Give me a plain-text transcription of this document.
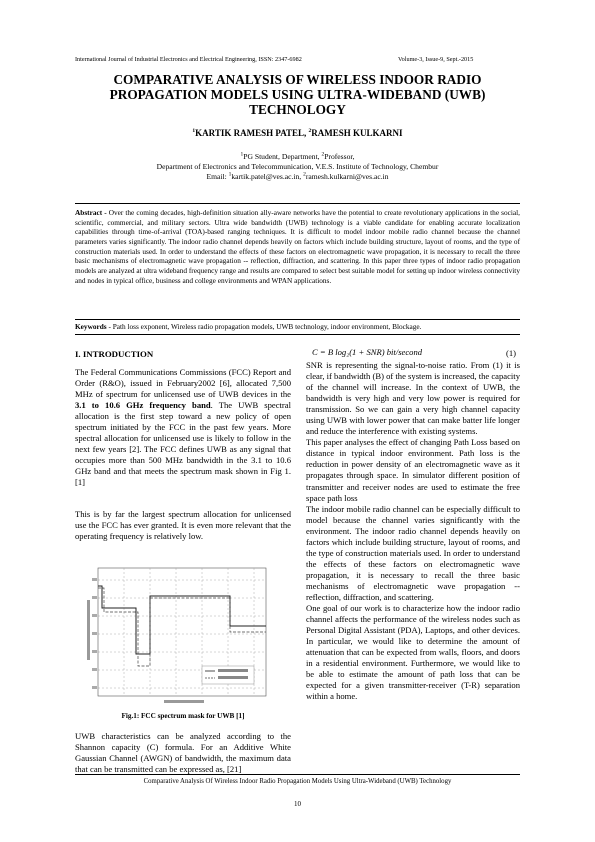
International Journal of Industrial Electronics and Electrical Engineering, ISSN: 2347-6982	Volume-3, Issue-9, Sept.-2015
COMPARATIVE ANALYSIS OF WIRELESS INDOOR RADIO
PROPAGATION MODELS USING ULTRA-WIDEBAND (UWB)
TECHNOLOGY
$^1$KARTIK RAMESH PATEL, $^2$RAMESH KULKARNI
$^1$PG Student, Department, $^2$Professor,
Department of Electronics and Telecommunication, V.E.S. Institute of Technology, Chembur
Email: $^1$kartik.patel@ves.ac.in, $^2$ramesh.kulkarni@ves.ac.in
Abstract - Over the coming decades, high-definition situation ally-aware networks have the potential to create revolutionary applications in the social, scientific, commercial, and military sectors. Ultra wide bandwidth (UWB) technology is a viable candidate for enabling accurate localization capabilities through time-of-arrival (TOA)-based ranging techniques. It is difficult to model indoor mobile radio channel because the channel parameters varies significantly. The indoor radio channel depends heavily on factors which include building structure, layout of rooms, and the type of construction materials used. In order to understand the effects of these factors on electromagnetic wave propagation, it is necessary to recall the three basic mechanisms of electromagnetic wave propagation -- reflection, diffraction, and scattering. In this paper three types of indoor radio propagation models are analyzed at ultra wideband frequency range and results are compared to select best suitable model for setting up indoor wireless connectivity and nodes in typical office, business and college environments and WPAN applications.
Keywords - Path loss exponent, Wireless radio propagation models, UWB technology, indoor environment, Blockage.
I. INTRODUCTION
The Federal Communications Commissions (FCC) Report and Order (R&O), issued in February2002 [6], allocated 7,500 MHz of spectrum for unlicensed use of UWB devices in the 3.1 to 10.6 GHz frequency band. The UWB spectral allocation is the first step toward a new policy of open spectrum initiated by the FCC in the past few years. More spectral allocation for unlicensed use is likely to follow in the next few years [2]. The FCC defines UWB as any signal that occupies more than 500 MHz bandwidth in the 3.1 to 10.6 GHz band and that meets the spectrum mask shown in Fig 1. [1]
This is by far the largest spectrum allocation for unlicensed use the FCC has ever granted. It is even more relevant that the operating frequency is relatively low.
Fig.1: FCC spectrum mask for UWB [1]
UWB characteristics can be analyzed according to the Shannon capacity (C) formula. For an Additive White Gaussian Channel (AWGN) of bandwidth, the maximum data that can be transmitted can be expressed as, [21]
C = B log₂(1 + SNR) bit/second	(1)

SNR is representing the signal-to-noise ratio. From (1) it is clear, if bandwidth (B) of the system is increased, the capacity of the channel will increase. In the context of UWB, the bandwidth is very high and very low power is required for transmission. So we can gain a very high channel capacity using UWB with lower power that can make batter life longer and reduce the interference with existing systems.

This paper analyses the effect of changing Path Loss based on distance in typical indoor environment. Path loss is the reduction in power density of an electromagnetic wave as it propagates through space. In simulator different position of transmitter and receiver nodes are used to estimate the free space path loss

The indoor mobile radio channel can be especially difficult to model because the channel varies significantly with the environment. The indoor radio channel depends heavily on factors which include building structure, layout of rooms, and the type of construction materials used. In order to understand the effects of these factors on electromagnetic wave propagation, it is necessary to recall the three basic mechanisms of electromagnetic wave propagation -- reflection, diffraction, and scattering.

One goal of our work is to characterize how the indoor radio channel affects the performance of the wireless nodes such as Personal Digital Assistant (PDA), Laptops, and other devices. In particular, we would like to determine the amount of attenuation that can be expected from walls, floors, and doors in a residential environment. Furthermore, we would like to be able to estimate the amount of path loss that can be expected for a given transmitter-receiver (T-R) separation within a home.

Comparative Analysis Of Wireless Indoor Radio Propagation Models Using Ultra-Wideband (UWB) Technology
10
